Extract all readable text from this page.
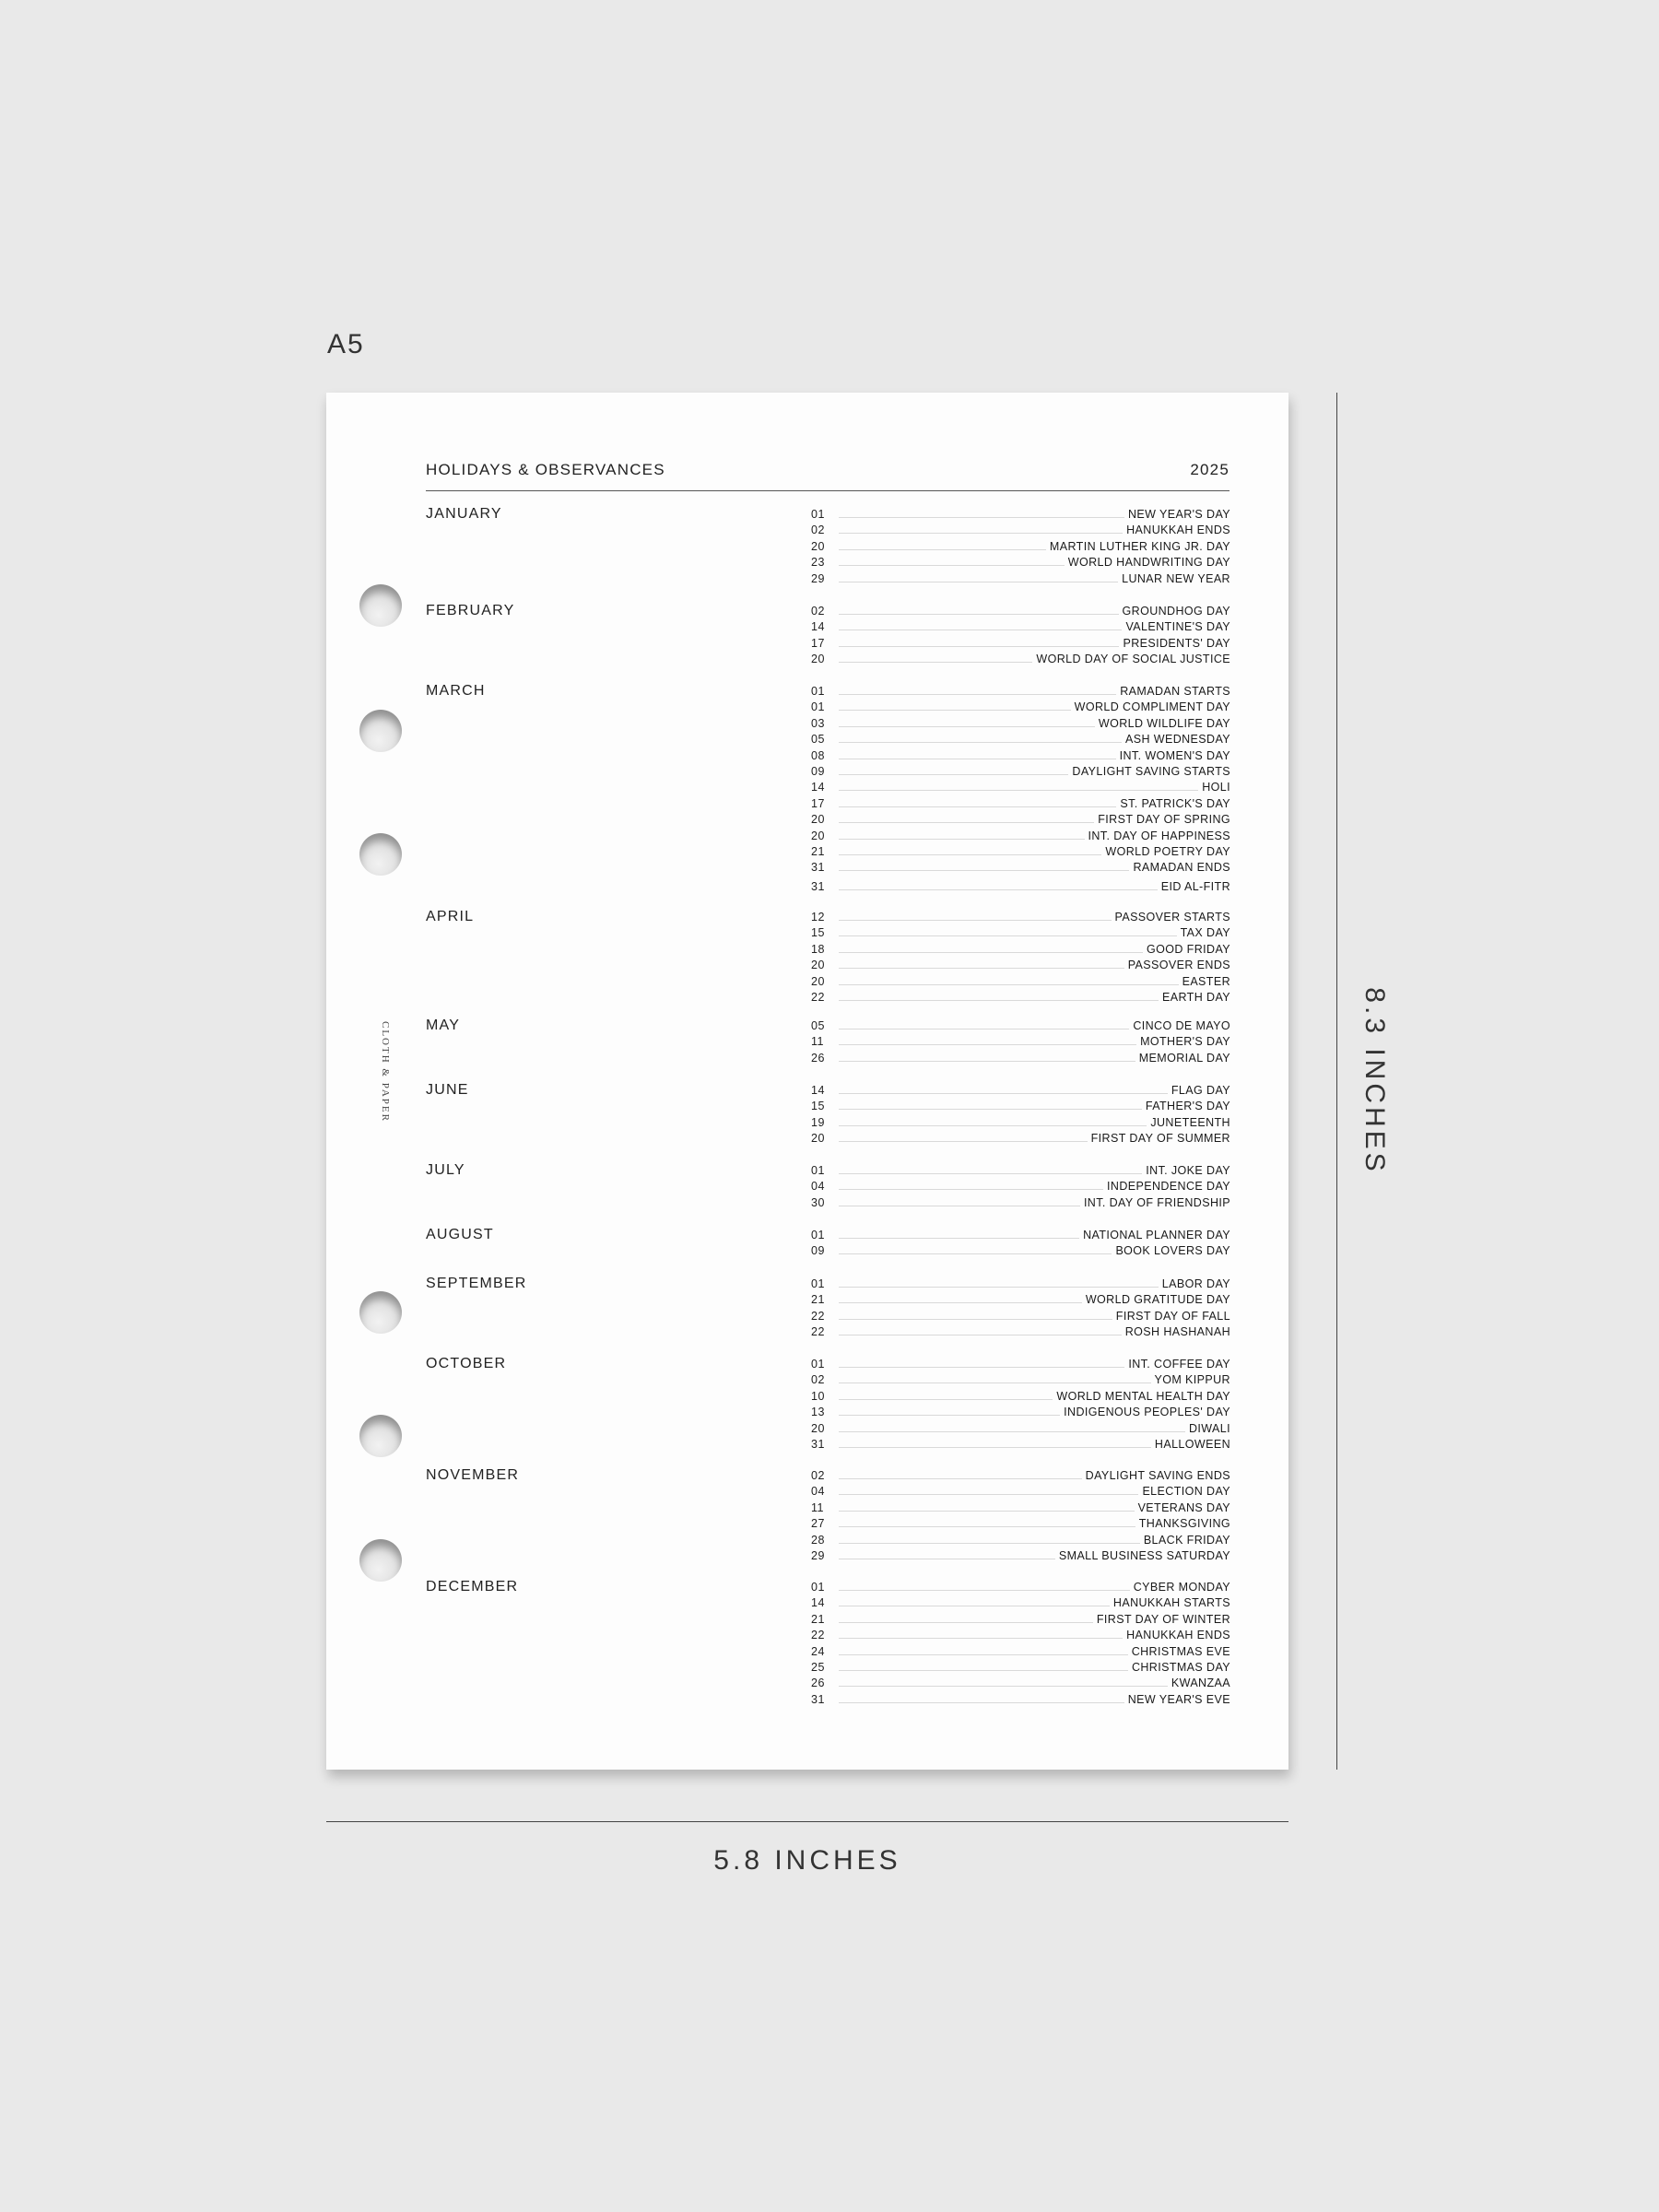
A5
CLOTH & PAPER
HOLIDAYS & OBSERVANCES	2025
JANUARY	01	NEW YEAR'S DAY
02	HANUKKAH ENDS
20	MARTIN LUTHER KING JR. DAY
23	WORLD HANDWRITING DAY
29	LUNAR NEW YEAR
FEBRUARY	02	GROUNDHOG DAY
14	VALENTINE'S DAY
17	PRESIDENTS' DAY
20	WORLD DAY OF SOCIAL JUSTICE
MARCH	01	RAMADAN STARTS
01	WORLD COMPLIMENT DAY
03	WORLD WILDLIFE DAY
05	ASH WEDNESDAY
08	INT. WOMEN'S DAY
09	DAYLIGHT SAVING STARTS
14	HOLI
17	ST. PATRICK'S DAY
20	FIRST DAY OF SPRING
20	INT. DAY OF HAPPINESS
21	WORLD POETRY DAY
31	RAMADAN ENDS
31	EID AL-FITR
APRIL	12	PASSOVER STARTS
15	TAX DAY
18	GOOD FRIDAY
20	PASSOVER ENDS
20	EASTER
22	EARTH DAY
MAY	05	CINCO DE MAYO
11	MOTHER'S DAY
26	MEMORIAL DAY
JUNE	14	FLAG DAY
15	FATHER'S DAY
19	JUNETEENTH
20	FIRST DAY OF SUMMER
JULY	01	INT. JOKE DAY
04	INDEPENDENCE DAY
30	INT. DAY OF FRIENDSHIP
AUGUST	01	NATIONAL PLANNER DAY
09	BOOK LOVERS DAY
SEPTEMBER	01	LABOR DAY
21	WORLD GRATITUDE DAY
22	FIRST DAY OF FALL
22	ROSH HASHANAH
OCTOBER	01	INT. COFFEE DAY
02	YOM KIPPUR
10	WORLD MENTAL HEALTH DAY
13	INDIGENOUS PEOPLES' DAY
20	DIWALI
31	HALLOWEEN
NOVEMBER	02	DAYLIGHT SAVING ENDS
04	ELECTION DAY
11	VETERANS DAY
27	THANKSGIVING
28	BLACK FRIDAY
29	SMALL BUSINESS SATURDAY
DECEMBER	01	CYBER MONDAY
14	HANUKKAH STARTS
21	FIRST DAY OF WINTER
22	HANUKKAH ENDS
24	CHRISTMAS EVE
25	CHRISTMAS DAY
26	KWANZAA
31	NEW YEAR'S EVE
8.3 INCHES
5.8 INCHES
